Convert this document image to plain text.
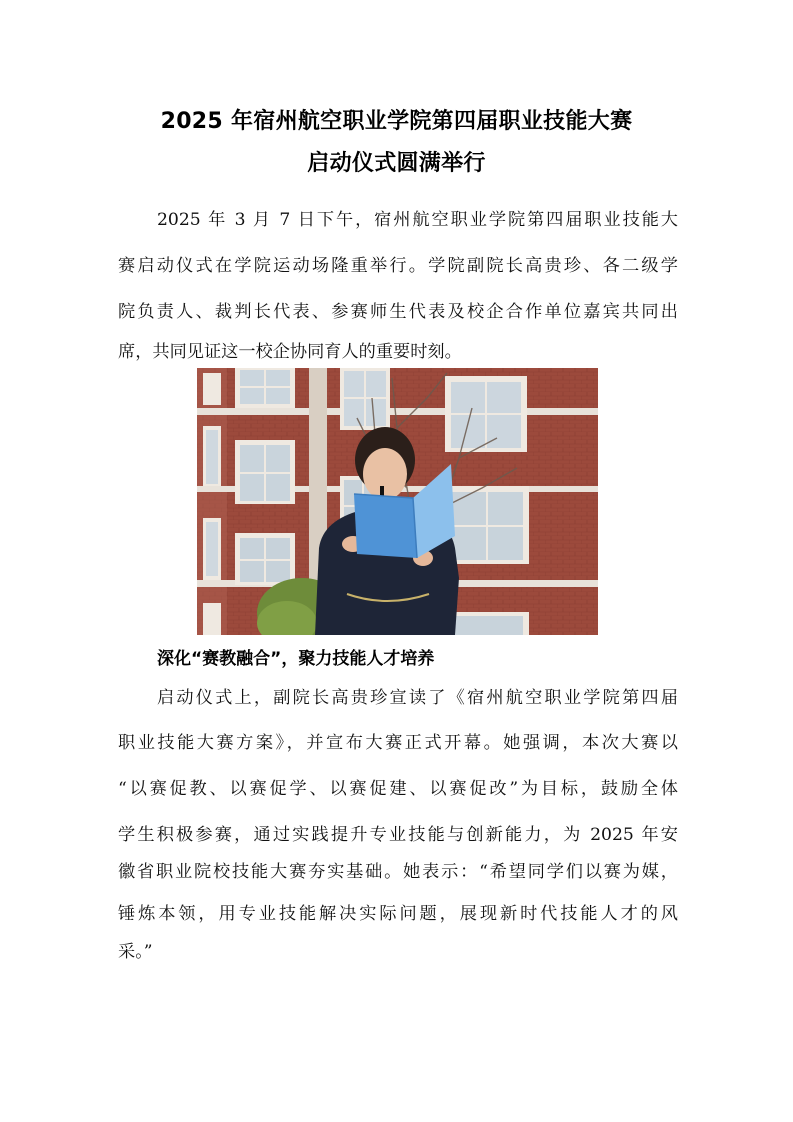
2025 年宿州航空职业学院第四届职业技能大赛
启动仪式圆满举行
2025 年 3 月 7 日下午，宿州航空职业学院第四届职业技能大
赛启动仪式在学院运动场隆重举行。学院副院长高贵珍、各二级学
院负责人、裁判长代表、参赛师生代表及校企合作单位嘉宾共同出
席，共同见证这一校企协同育人的重要时刻。
深化“赛教融合”，聚力技能人才培养
启动仪式上，副院长高贵珍宣读了《宿州航空职业学院第四届
职业技能大赛方案》，并宣布大赛正式开幕。她强调，本次大赛以
“以赛促教、以赛促学、以赛促建、以赛促改”为目标，鼓励全体
学生积极参赛，通过实践提升专业技能与创新能力，为 2025 年安
徽省职业院校技能大赛夯实基础。她表示：“希望同学们以赛为媒，
锤炼本领，用专业技能解决实际问题，展现新时代技能人才的风
采。”
